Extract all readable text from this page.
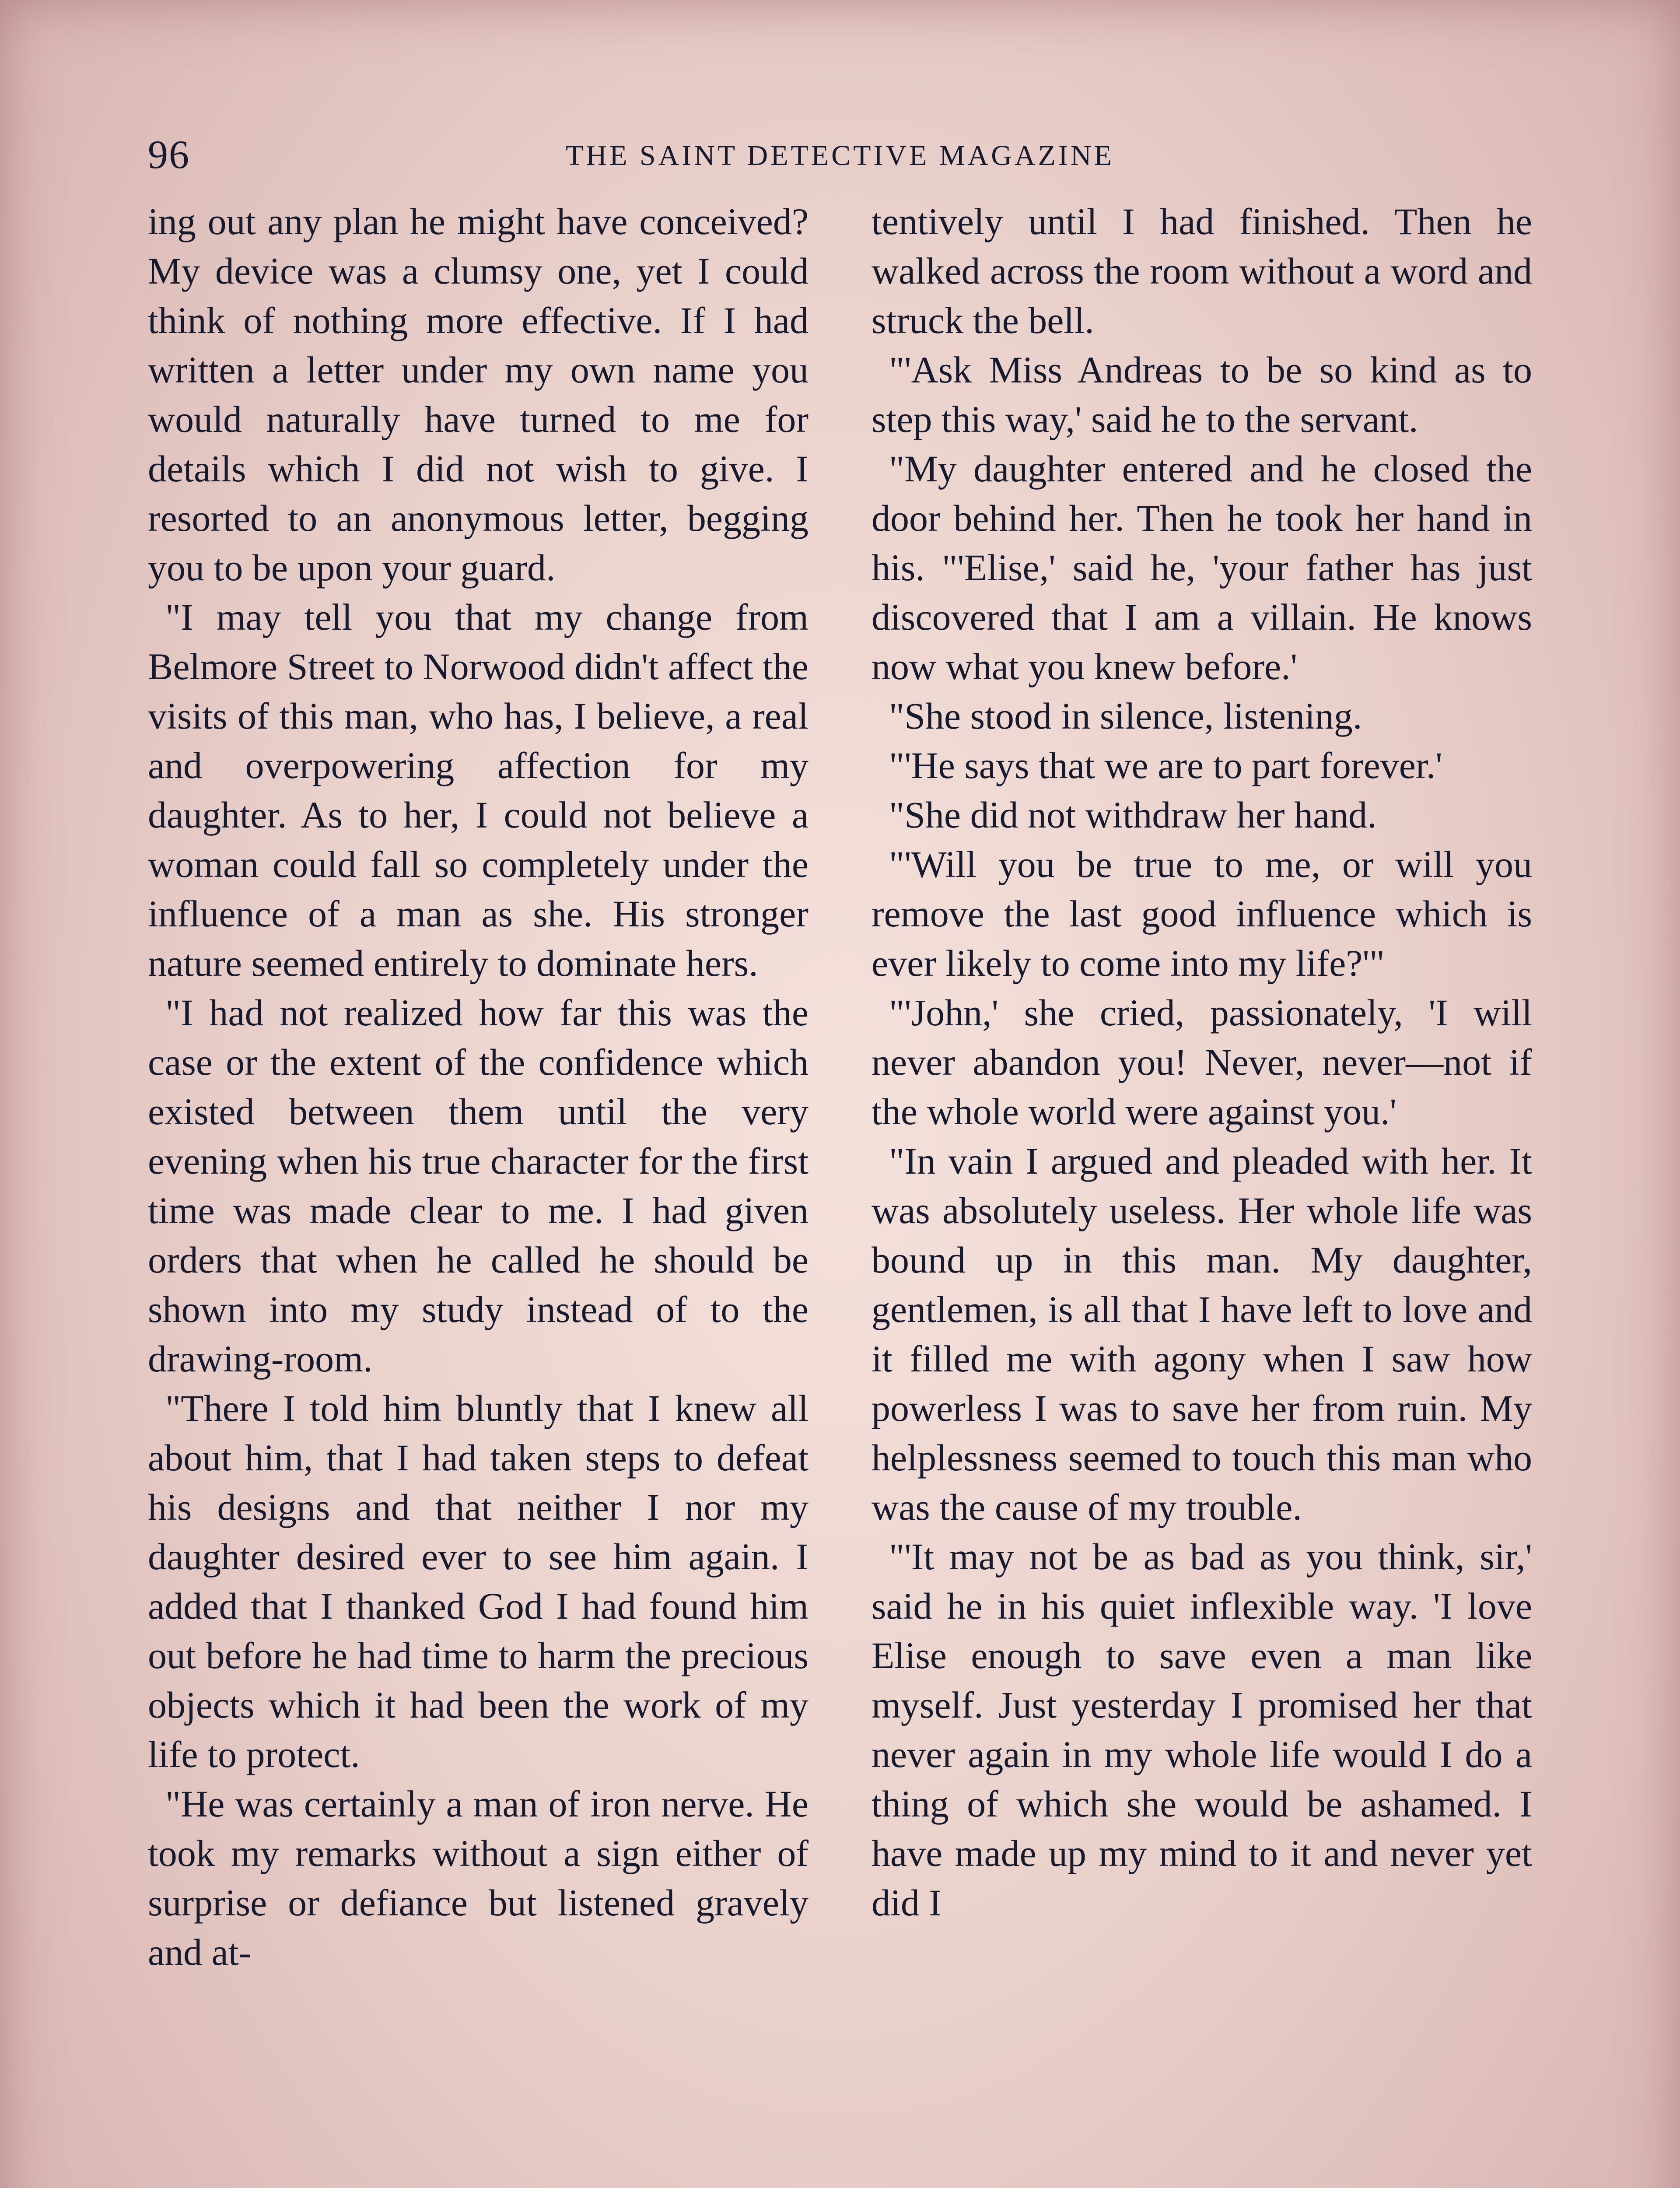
96	THE SAINT DETECTIVE MAGAZINE

ing out any plan he might have conceived? My device was a clumsy one, yet I could think of nothing more effective. If I had written a letter under my own name you would naturally have turned to me for details which I did not wish to give. I resorted to an anonymous letter, begging you to be upon your guard.

"I may tell you that my change from Belmore Street to Norwood didn't affect the visits of this man, who has, I believe, a real and overpowering affection for my daughter. As to her, I could not believe a woman could fall so completely under the influence of a man as she. His stronger nature seemed entirely to dominate hers.

"I had not realized how far this was the case or the extent of the confidence which existed between them until the very evening when his true character for the first time was made clear to me. I had given orders that when he called he should be shown into my study instead of to the drawing-room.

"There I told him bluntly that I knew all about him, that I had taken steps to defeat his designs and that neither I nor my daughter desired ever to see him again. I added that I thanked God I had found him out before he had time to harm the precious objects which it had been the work of my life to protect.

"He was certainly a man of iron nerve. He took my remarks without a sign either of surprise or defiance but listened gravely and at-

tentively until I had finished. Then he walked across the room without a word and struck the bell.

"'Ask Miss Andreas to be so kind as to step this way,' said he to the servant.

"My daughter entered and he closed the door behind her. Then he took her hand in his. "'Elise,' said he, 'your father has just discovered that I am a villain. He knows now what you knew before.'

"She stood in silence, listening.

"'He says that we are to part forever.'

"She did not withdraw her hand.

"'Will you be true to me, or will you remove the last good influence which is ever likely to come into my life?'"

"'John,' she cried, passionately, 'I will never abandon you! Never, never—not if the whole world were against you.'

"In vain I argued and pleaded with her. It was absolutely useless. Her whole life was bound up in this man. My daughter, gentlemen, is all that I have left to love and it filled me with agony when I saw how powerless I was to save her from ruin. My helplessness seemed to touch this man who was the cause of my trouble.

"'It may not be as bad as you think, sir,' said he in his quiet inflexible way. 'I love Elise enough to save even a man like myself. Just yesterday I promised her that never again in my whole life would I do a thing of which she would be ashamed. I have made up my mind to it and never yet did I
